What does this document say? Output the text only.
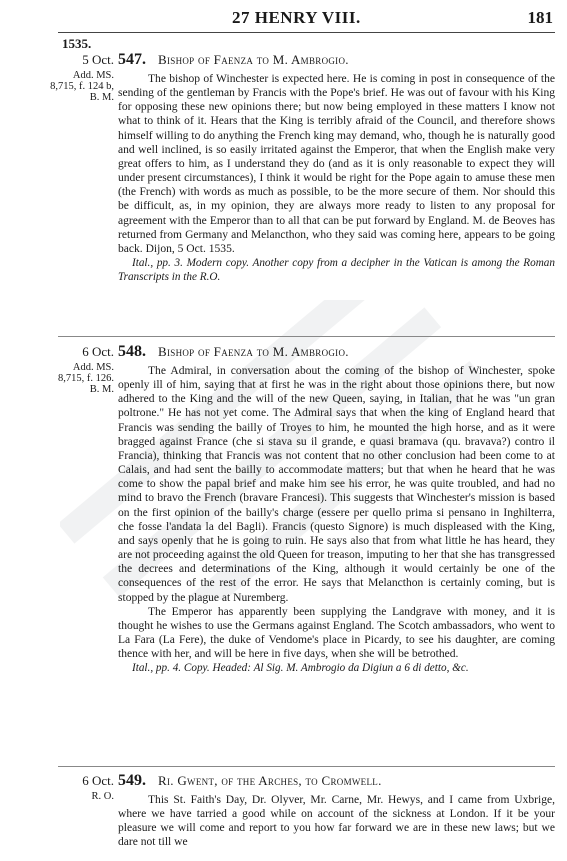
27 HENRY VIII.	181
1535.
5 Oct.
Add. MS.
8,715, f. 124 b,
B. M.
547. Bishop of Faenza to M. Ambrogio.

The bishop of Winchester is expected here. He is coming in post in consequence of the sending of the gentleman by Francis with the Pope's brief. He was out of favour with his King for opposing these new opinions there; but now being employed in these matters I know not what to think of it. Hears that the King is terribly afraid of the Council, and therefore shows himself willing to do anything the French king may demand, who, though he is naturally good and well inclined, is so easily irritated against the Emperor, that when the English make very great offers to him, as I understand they do (and as it is only reasonable to expect they will under present circumstances), I think it would be right for the Pope again to amuse these men (the French) with words as much as possible, to be the more secure of them. Nor should this be difficult, as, in my opinion, they are always more ready to listen to any proposal for agreement with the Emperor than to all that can be put forward by England. M. de Beoves has returned from Germany and Melancthon, who they said was coming here, appears to be going back. Dijon, 5 Oct. 1535.

Ital., pp. 3. Modern copy. Another copy from a decipher in the Vatican is among the Roman Transcripts in the R.O.

6 Oct.
Add. MS.
8,715, f. 126.
B. M.
548. Bishop of Faenza to M. Ambrogio.

The Admiral, in conversation about the coming of the bishop of Winchester, spoke openly ill of him, saying that at first he was in the right about those opinions there, but now adhered to the King and the will of the new Queen, saying, in Italian, that he was "un gran poltrone." He has not yet come. The Admiral says that when the king of England heard that Francis was sending the bailly of Troyes to him, he mounted the high horse, and as it were bragged against France (che si stava su il grande, e quasi bramava (qu. bravava?) contro il Francia), thinking that Francis was not content that no other conclusion had been come to at Calais, and had sent the bailly to accommodate matters; but that when he heard that he was come to show the papal brief and make him see his error, he was quite troubled, and had no mind to bravo the French (bravare Francesi). This suggests that Winchester's mission is based on the first opinion of the bailly's charge (essere per quello prima si pensano in Inghilterra, che fosse l'andata la del Bagli). Francis (questo Signore) is much displeased with the King, and says openly that he is going to ruin. He says also that from what little he has heard, they are not proceeding against the old Queen for treason, imputing to her that she has transgressed the decrees and determinations of the King, although it would certainly be one of the consequences of the rest of the error. He says that Melancthon is certainly coming, but is stopped by the plague at Nuremberg.

The Emperor has apparently been supplying the Landgrave with money, and it is thought he wishes to use the Germans against England. The Scotch ambassadors, who went to La Fara (La Fere), the duke of Vendome's place in Picardy, to see his daughter, are coming thence with her, and will be here in five days, when she will be betrothed.

Ital., pp. 4. Copy. Headed: Al Sig. M. Ambrogio da Digiun a 6 di detto, &c.

6 Oct.
R. O.
549. Ri. Gwent, of the Arches, to Cromwell.

This St. Faith's Day, Dr. Olyver, Mr. Carne, Mr. Hewys, and I came from Uxbrige, where we have tarried a good while on account of the sickness at London. If it be your pleasure we will come and report to you how far forward we are in these new laws; but we dare not till we
